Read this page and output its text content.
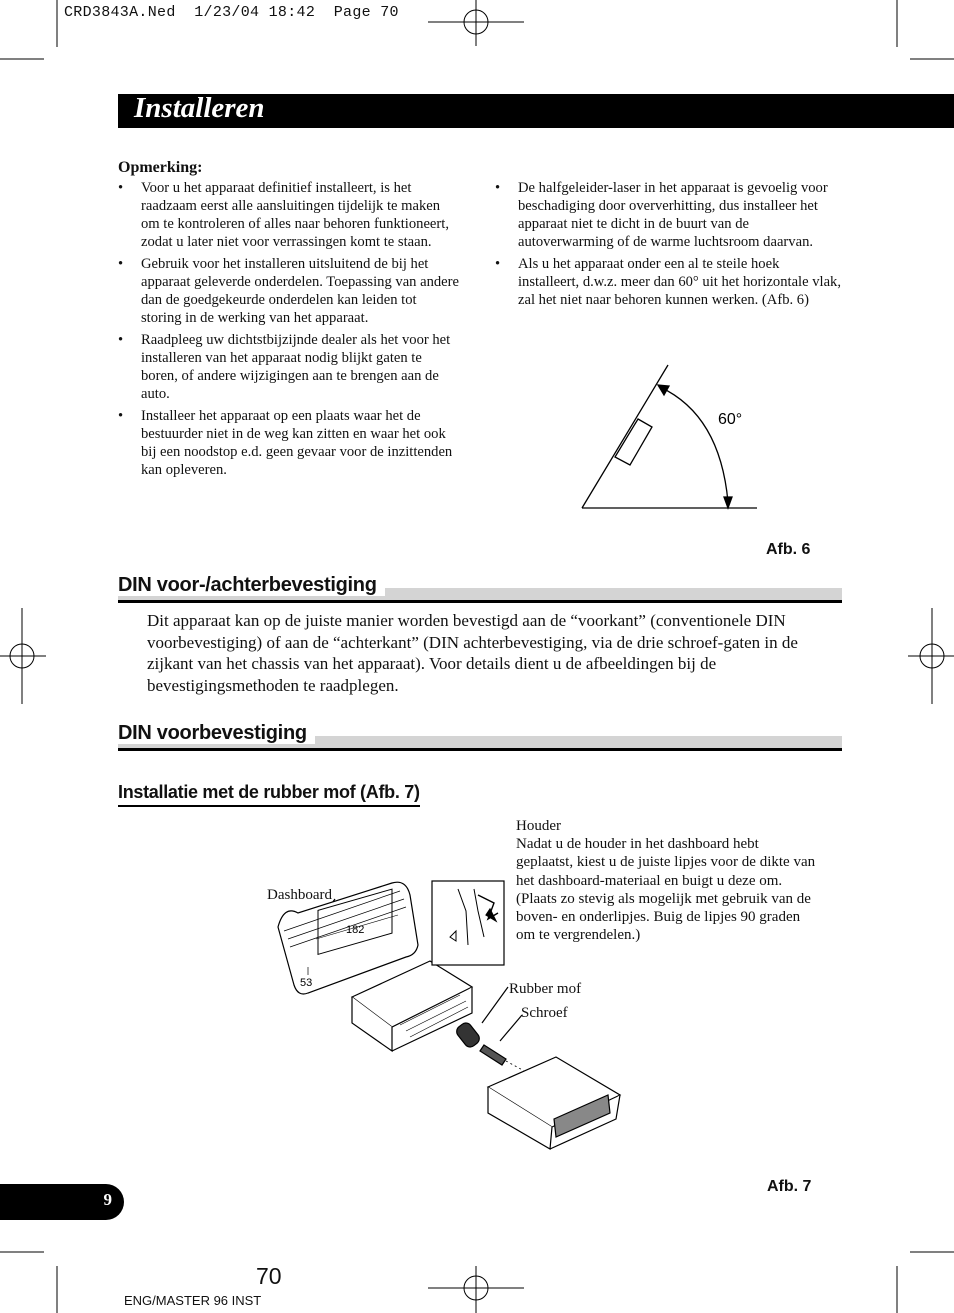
CRD3843A.Ned  1/23/04 18:42  Page 70
Installeren
Opmerking:
• Voor u het apparaat definitief installeert, is het raadzaam eerst alle aansluitingen tijdelijk te maken om te kontroleren of alles naar behoren funktioneert, zodat u later niet voor verrassingen komt te staan.
• Gebruik voor het installeren uitsluitend de bij het apparaat geleverde onderdelen. Toepassing van andere dan de goedgekeurde onderdelen kan leiden tot storing in de werking van het apparaat.
• Raadpleeg uw dichtstbijzijnde dealer als het voor het installeren van het apparaat nodig blijkt gaten te boren, of andere wijzigingen aan te brengen aan de auto.
• Installeer het apparaat op een plaats waar het de bestuurder niet in de weg kan zitten en waar het ook bij een noodstop e.d. geen gevaar voor de inzittenden kan opleveren.
• De halfgeleider-laser in het apparaat is gevoelig voor beschadiging door oververhitting, dus installeer het apparaat niet te dicht in de buurt van de autoverwarming of de warme luchtsroom daarvan.
• Als u het apparaat onder een al te steile hoek installeert, d.w.z. meer dan 60° uit het horizontale vlak, zal het niet naar behoren kunnen werken. (Afb. 6)
60°
Afb. 6
DIN voor-/achterbevestiging
Dit apparaat kan op de juiste manier worden bevestigd aan de “voorkant” (conventionele DIN voorbevestiging) of aan de “achterkant” (DIN achterbevestiging, via de drie schroef-gaten in de zijkant van het chassis van het apparaat). Voor details dient u de afbeeldingen bij de bevestigingsmethoden te raadplegen.
DIN voorbevestiging
Installatie met de rubber mof (Afb. 7)
Houder
Nadat u de houder in het dashboard hebt geplaatst, kiest u de juiste lipjes voor de dikte van het dashboard-materiaal en buigt u deze om.
(Plaats zo stevig als mogelijk met gebruik van de boven- en onderlipjes. Buig de lipjes 90 graden om te vergrendelen.)
Dashboard
Rubber mof
Schroef
182
53
Afb. 7
9
70
ENG/MASTER 96 INST
